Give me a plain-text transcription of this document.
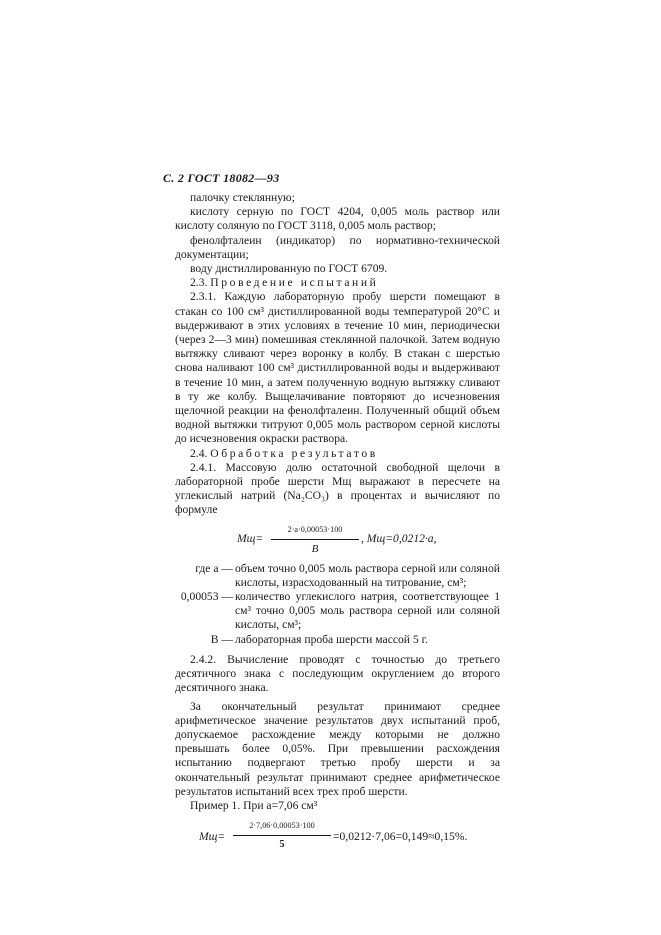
С. 2 ГОСТ 18082—93

палочку стеклянную;

кислоту серную по ГОСТ 4204, 0,005 моль раствор или кислоту соляную по ГОСТ 3118, 0,005 моль раствор;

фенолфталеин (индикатор) по нормативно-технической документации;

воду дистиллированную по ГОСТ 6709.

2.3. Проведение испытаний

2.3.1. Каждую лабораторную пробу шерсти помещают в стакан со 100 см³ дистиллированной воды температурой 20°С и выдерживают в этих условиях в течение 10 мин, периодически (через 2—3 мин) помешивая стеклянной палочкой. Затем водную вытяжку сливают через воронку в колбу. В стакан с шерстью снова наливают 100 см³ дистиллированной воды и выдерживают в течение 10 мин, а затем полученную водную вытяжку сливают в ту же колбу. Выщелачивание повторяют до исчезновения щелочной реакции на фенолфталеин. Полученный общий объем водной вытяжки титруют 0,005 моль раствором серной кислоты до исчезновения окраски раствора.

2.4. Обработка результатов

2.4.1. Массовую долю остаточной свободной щелочи в лабораторной пробе шерсти Мщ выражают в пересчете на углекислый натрий (Na₂CO₃) в процентах и вычисляют по формуле

Мщ=
2·а·0,00053·100
В
, Мщ=0,0212·а,
где а — объем точно 0,005 моль раствора серной или соляной кислоты, израсходованный на титрование, см³;
0,00053 — количество углекислого натрия, соответствующее 1 см³ точно 0,005 моль раствора серной или соляной кислоты, см³;
В — лабораторная проба шерсти массой 5 г.

2.4.2. Вычисление проводят с точностью до третьего десятичного знака с последующим округлением до второго десятичного знака.

За окончательный результат принимают среднее арифметическое значение результатов двух испытаний проб, допускаемое расхождение между которыми не должно превышать более 0,05%. При превышении расхождения испытанию подвергают третью пробу шерсти и за окончательный результат принимают среднее арифметическое результатов испытаний всех трех проб шерсти.

Пример 1. При а=7,06 см³

Мщ=
2·7,06·0,00053·100
5
=0,0212·7,06=0,149≈0,15%.
